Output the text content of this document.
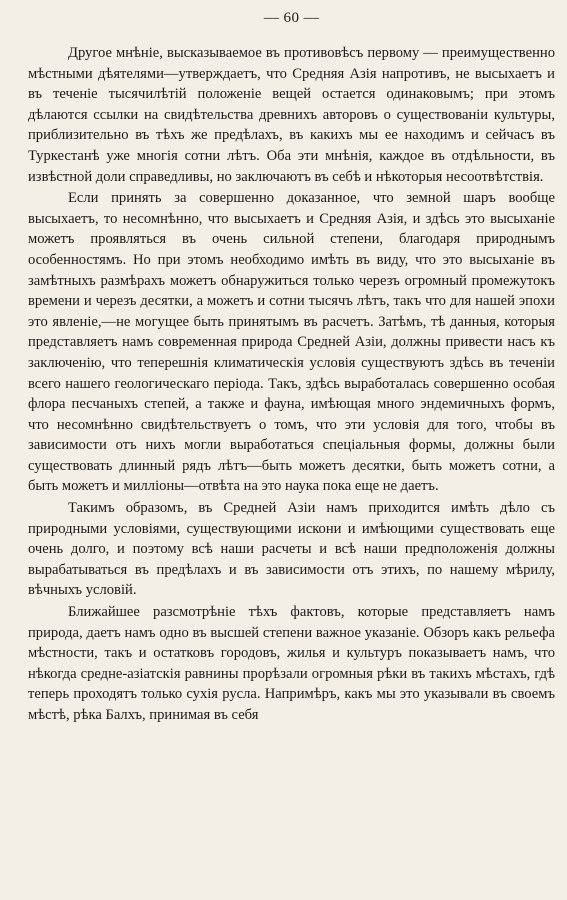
— 60 —

Другое мнѣніе, высказываемое въ противовѣсъ первому — преимущественно мѣстными дѣятелями—утверждаетъ, что Средняя Азія напротивъ, не высыхаетъ и въ теченіе тысячилѣтій положеніе вещей остается одинаковымъ; при этомъ дѣлаются ссылки на свидѣтельства древнихъ авторовъ о существованіи культуры, приблизительно въ тѣхъ же предѣлахъ, въ какихъ мы ее находимъ и сейчасъ въ Туркестанѣ уже многія сотни лѣтъ. Оба эти мнѣнія, каждое въ отдѣльности, въ извѣстной доли справедливы, но заключаютъ въ себѣ и нѣкоторыя несоотвѣтствія.

Если принять за совершенно доказанное, что земной шаръ вообще высыхаетъ, то несомнѣнно, что высыхаетъ и Средняя Азія, и здѣсь это высыханіе можетъ проявляться въ очень сильной степени, благодаря природнымъ особенностямъ. Но при этомъ необходимо имѣть въ виду, что это высыханіе въ замѣтныхъ размѣрахъ можетъ обнаружиться только черезъ огромный промежутокъ времени и черезъ десятки, а можетъ и сотни тысячъ лѣтъ, такъ что для нашей эпохи это явленіе,—не могущее быть принятымъ въ расчетъ. Затѣмъ, тѣ данныя, которыя представляетъ намъ современная природа Средней Азіи, должны привести насъ къ заключенію, что теперешнія климатическія условія существуютъ здѣсь въ теченіи всего нашего геологическаго періода. Такъ, здѣсь выработалась совершенно особая флора песчаныхъ степей, а также и фауна, имѣющая много эндемичныхъ формъ, что несомнѣнно свидѣтельствуетъ о томъ, что эти условія для того, чтобы въ зависимости отъ нихъ могли выработаться спеціальныя формы, должны были существовать длинный рядъ лѣтъ—быть можетъ десятки, быть можетъ сотни, а быть можетъ и милліоны—отвѣта на это наука пока еще не даетъ.

Такимъ образомъ, въ Средней Азіи намъ приходится имѣть дѣло съ природными условіями, существующими искони и имѣющими существовать еще очень долго, и поэтому всѣ наши расчеты и всѣ наши предположенія должны вырабатываться въ предѣлахъ и въ зависимости отъ этихъ, по нашему мѣрилу, вѣчныхъ условій.

Ближайшее разсмотрѣніе тѣхъ фактовъ, которые представляетъ намъ природа, даетъ намъ одно въ высшей степени важное указаніе. Обзоръ какъ рельефа мѣстности, такъ и остатковъ городовъ, жилья и культуръ показываетъ намъ, что нѣкогда средне-азіатскія равнины прорѣзали огромныя рѣки въ такихъ мѣстахъ, гдѣ теперь проходятъ только сухія русла. Напримѣръ, какъ мы это указывали въ своемъ мѣстѣ, рѣка Балхъ, принимая въ себя
